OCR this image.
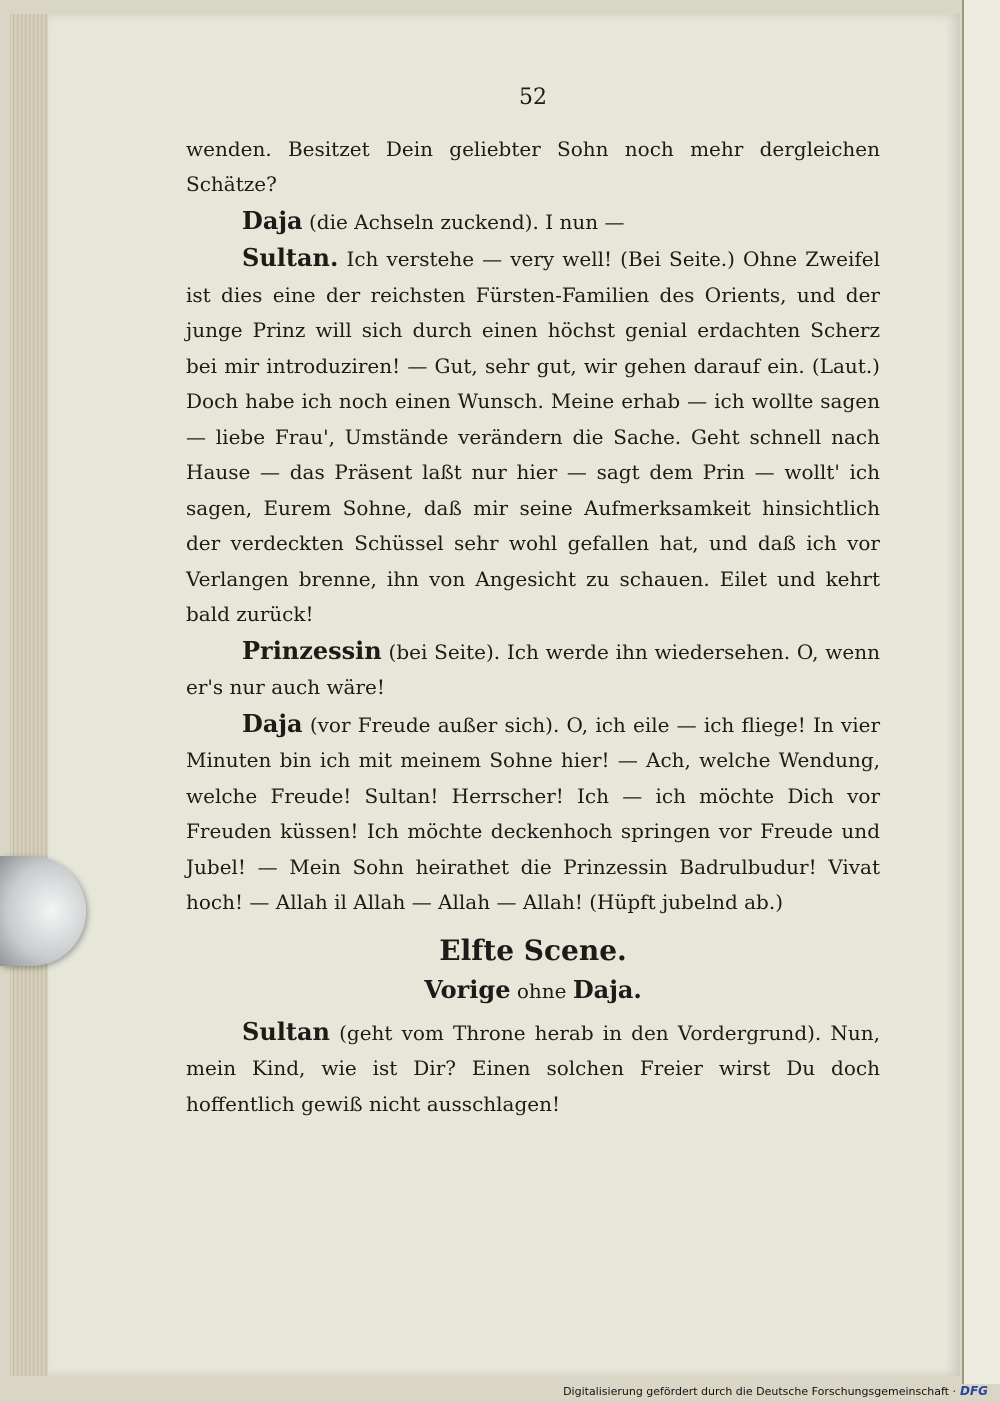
52

wenden. Besitzet Dein geliebter Sohn noch mehr dergleichen Schätze?

Daja (die Achseln zuckend). I nun —

Sultan. Ich verstehe — very well! (Bei Seite.) Ohne Zweifel ist dies eine der reichsten Fürsten-Familien des Orients, und der junge Prinz will sich durch einen höchst genial erdachten Scherz bei mir introduziren! — Gut, sehr gut, wir gehen darauf ein. (Laut.) Doch habe ich noch einen Wunsch. Meine erhab — ich wollte sagen — liebe Frau', Umstände verändern die Sache. Geht schnell nach Hause — das Präsent laßt nur hier — sagt dem Prin — wollt' ich sagen, Eurem Sohne, daß mir seine Aufmerksamkeit hinsichtlich der verdeckten Schüssel sehr wohl gefallen hat, und daß ich vor Verlangen brenne, ihn von Angesicht zu schauen. Eilet und kehrt bald zurück!

Prinzessin (bei Seite). Ich werde ihn wiedersehen. O, wenn er's nur auch wäre!

Daja (vor Freude außer sich). O, ich eile — ich fliege! In vier Minuten bin ich mit meinem Sohne hier! — Ach, welche Wendung, welche Freude! Sultan! Herrscher! Ich — ich möchte Dich vor Freuden küssen! Ich möchte deckenhoch springen vor Freude und Jubel! — Mein Sohn heirathet die Prinzessin Badrulbudur! Vivat hoch! — Allah il Allah — Allah — Allah! (Hüpft jubelnd ab.)

Elfte Scene.
Vorige ohne Daja.

Sultan (geht vom Throne herab in den Vordergrund). Nun, mein Kind, wie ist Dir? Einen solchen Freier wirst Du doch hoffentlich gewiß nicht ausschlagen!

Digitalisierung gefördert durch die Deutsche Forschungsgemeinschaft · DFG
